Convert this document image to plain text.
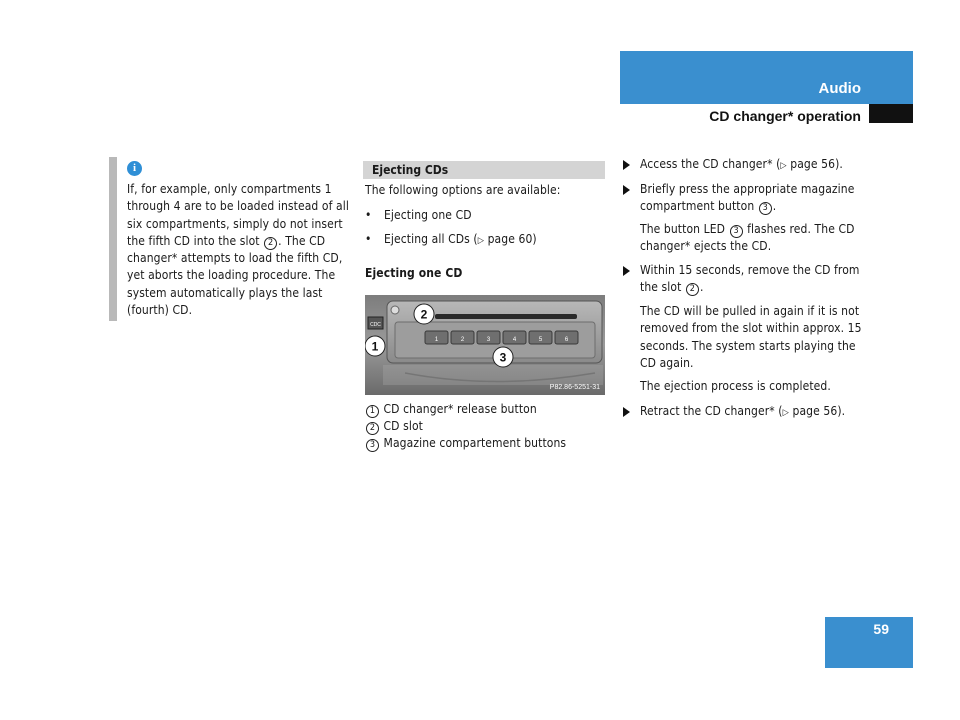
Audio
CD changer* operation
i
If, for example, only compartments 1 through 4 are to be loaded instead of all six compartments, simply do not insert the fifth CD into the slot 2 . The CD changer* attempts to load the fifth CD, yet aborts the loading procedure. The system automatically plays the last (fourth) CD.
Ejecting CDs
The following options are available:
• Ejecting one CD
• Ejecting all CDs (▷ page 60)
Ejecting one CD
CDC
1	2	3	4	5	6
1
2
3
P82.86-5251-31
1 CD changer* release button
2 CD slot
3 Magazine compartement buttons
Access the CD changer* (▷ page 56).
Briefly press the appropriate magazine compartment button 3 .
The button LED 3 flashes red. The CD changer* ejects the CD.
Within 15 seconds, remove the CD from the slot 2 .
The CD will be pulled in again if it is not removed from the slot within approx. 15 seconds. The system starts playing the CD again.
The ejection process is completed.
Retract the CD changer* (▷ page 56).
59
